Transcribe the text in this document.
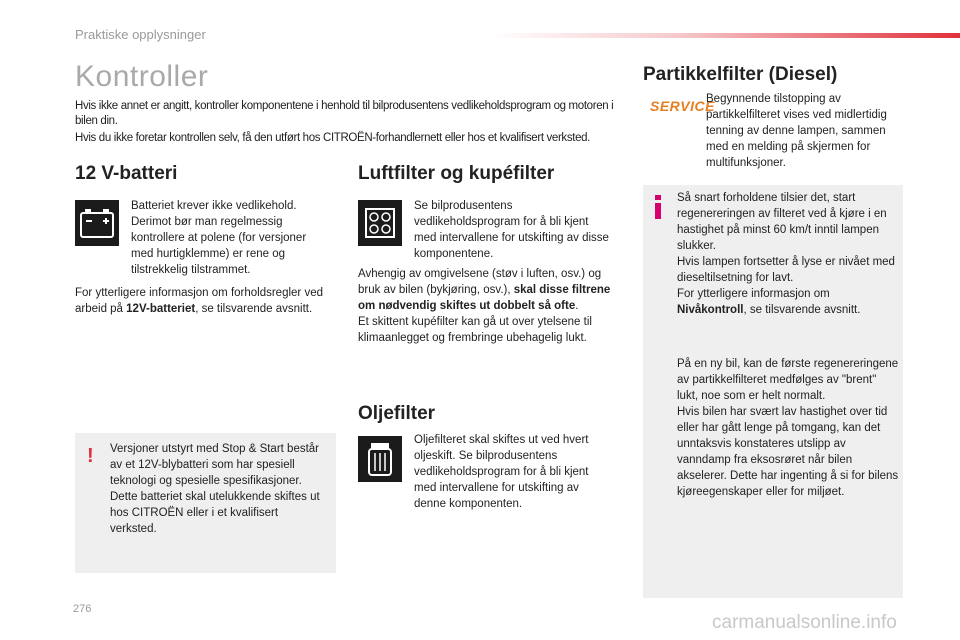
Praktiske opplysninger
Kontroller

Hvis ikke annet er angitt, kontroller komponentene i henhold til bilprodusentens vedlikeholdsprogram og motoren i bilen din.

Hvis du ikke foretar kontrollen selv, få den utført hos CITROËN-forhandlernett eller hos et kvalifisert verksted.

12 V-batteri
Batteriet krever ikke vedlikehold. Derimot bør man regelmessig kontrollere at polene (for versjoner med hurtigklemme) er rene og tilstrekkelig tilstrammet.
For ytterligere informasjon om forholdsregler ved arbeid på 12V-batteriet, se tilsvarende avsnitt.
! Versjoner utstyrt med Stop & Start består av et 12V-blybatteri som har spesiell teknologi og spesielle spesifikasjoner. Dette batteriet skal utelukkende skiftes ut hos CITROËN eller i et kvalifisert verksted.
Luftfilter og kupéfilter
Se bilprodusentens vedlikeholdsprogram for å bli kjent med intervallene for utskifting av disse komponentene.
Avhengig av omgivelsene (støv i luften, osv.) og bruk av bilen (bykjøring, osv.), skal disse filtrene om nødvendig skiftes ut dobbelt så ofte.
Et skittent kupéfilter kan gå ut over ytelsene til klimaanlegget og frembringe ubehagelig lukt.
Oljefilter
Oljefilteret skal skiftes ut ved hvert oljeskift. Se bilprodusentens vedlikeholdsprogram for å bli kjent med intervallene for utskifting av denne komponenten.
Partikkelfilter (Diesel)
SERVICE
Begynnende tilstopping av partikkelfilteret vises ved midlertidig tenning av denne lampen, sammen med en melding på skjermen for multifunksjoner.
Så snart forholdene tilsier det, start regenereringen av filteret ved å kjøre i en hastighet på minst 60 km/t inntil lampen slukker.
Hvis lampen fortsetter å lyse er nivået med dieseltilsetning for lavt.
For ytterligere informasjon om Nivåkontroll, se tilsvarende avsnitt.
På en ny bil, kan de første regenereringene av partikkelfilteret medfølges av "brent" lukt, noe som er helt normalt.
Hvis bilen har svært lav hastighet over tid eller har gått lenge på tomgang, kan det unntaksvis konstateres utslipp av vanndamp fra eksosrøret når bilen akselerer. Dette har ingenting å si for bilens kjøreegenskaper eller for miljøet.
276
carmanualsonline.info
